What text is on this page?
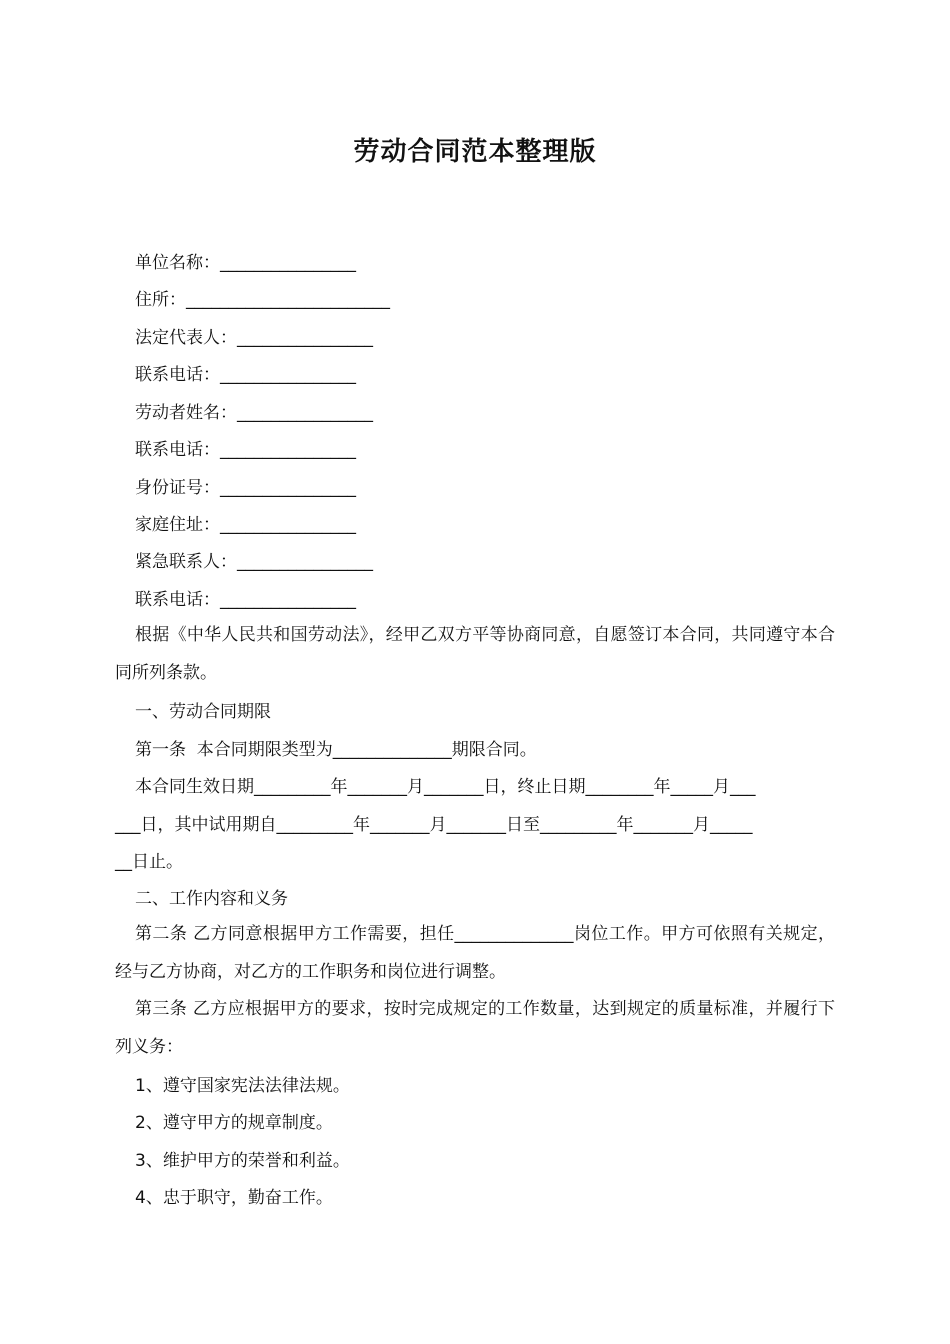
劳动合同范本整理版
单位名称：________________
住所：________________________
法定代表人：________________
联系电话：________________
劳动者姓名：________________
联系电话：________________
身份证号：________________
家庭住址：________________
紧急联系人：________________
联系电话：________________
根据《中华人民共和国劳动法》，经甲乙双方平等协商同意，自愿签订本合同，共同遵守本合同所列条款。
一、劳动合同期限
第一条  本合同期限类型为______________期限合同。
本合同生效日期_________年_______月_______日，终止日期________年_____月___
___日，其中试用期自_________年_______月_______日至_________年_______月_____
__日止。
二、工作内容和义务
第二条 乙方同意根据甲方工作需要，担任______________岗位工作。甲方可依照有关规定，经与乙方协商，对乙方的工作职务和岗位进行调整。
第三条 乙方应根据甲方的要求，按时完成规定的工作数量，达到规定的质量标准，并履行下列义务：
1、遵守国家宪法法律法规。
2、遵守甲方的规章制度。
3、维护甲方的荣誉和利益。
4、忠于职守，勤奋工作。
